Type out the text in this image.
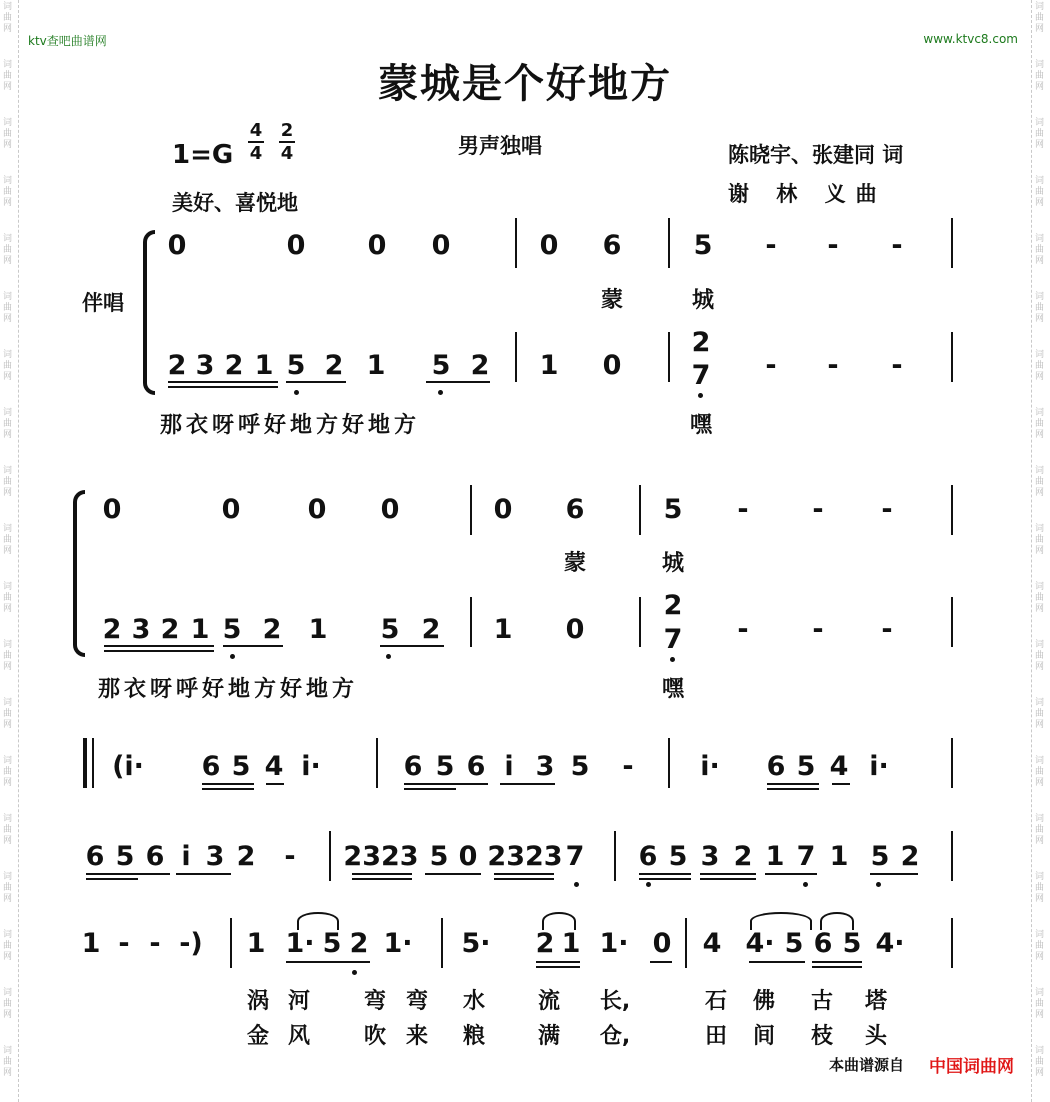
词
曲
网
词
曲
网
词
曲
网
词
曲
网
词
曲
网
词
曲
网
词
曲
网
词
曲
网
词
曲
网
词
曲
网
词
曲
网
词
曲
网
词
曲
网
词
曲
网
词
曲
网
词
曲
网
词
曲
网
词
曲
网
词
曲
网
词
曲
网
词
曲
网
词
曲
网
词
曲
网
词
曲
网
词
曲
网
词
曲
网
词
曲
网
词
曲
网
词
曲
网
词
曲
网
词
曲
网
词
曲
网
词
曲
网
词
曲
网
词
曲
网
词
曲
网
词
曲
网
词
曲
网
ktv查吧曲谱网	www.ktvc8.com
蒙城是个好地方
1=G
4
4
2
4	男声独唱
美好、喜悦地
陈晓宇、张建同 词
谢 林 义曲
伴唱
0	0 0 0	0 6	5 - - -
蒙	城
2 3 2 1 5 2 1 5 2 1 0
2
7 - - -
那衣呀呼好地方好地方	嘿
0	0 0 0	0 6	5 - - -
蒙	城
2 3 2 1 5 2 1 5 2 1 0
2
7 - - -
那衣呀呼好地方好地方	嘿
(i· 6 5 4 i·	6 5 6 i 3 5 - i· 6 5 4 i·
6 5 6 i 3 2 - 2323 5 0 2323 7 6 5 3 2 1 7 1 5 2
1 - - -) 1 1· 5 2 1· 5· 2 1 1· 0 4 4· 5 6 5 4·
涡 河 弯 弯 水 流 长,	石 佛 古 塔
金 风 吹 来 粮 满 仓,	田 间 枝 头
本曲谱源自 中国词曲网
